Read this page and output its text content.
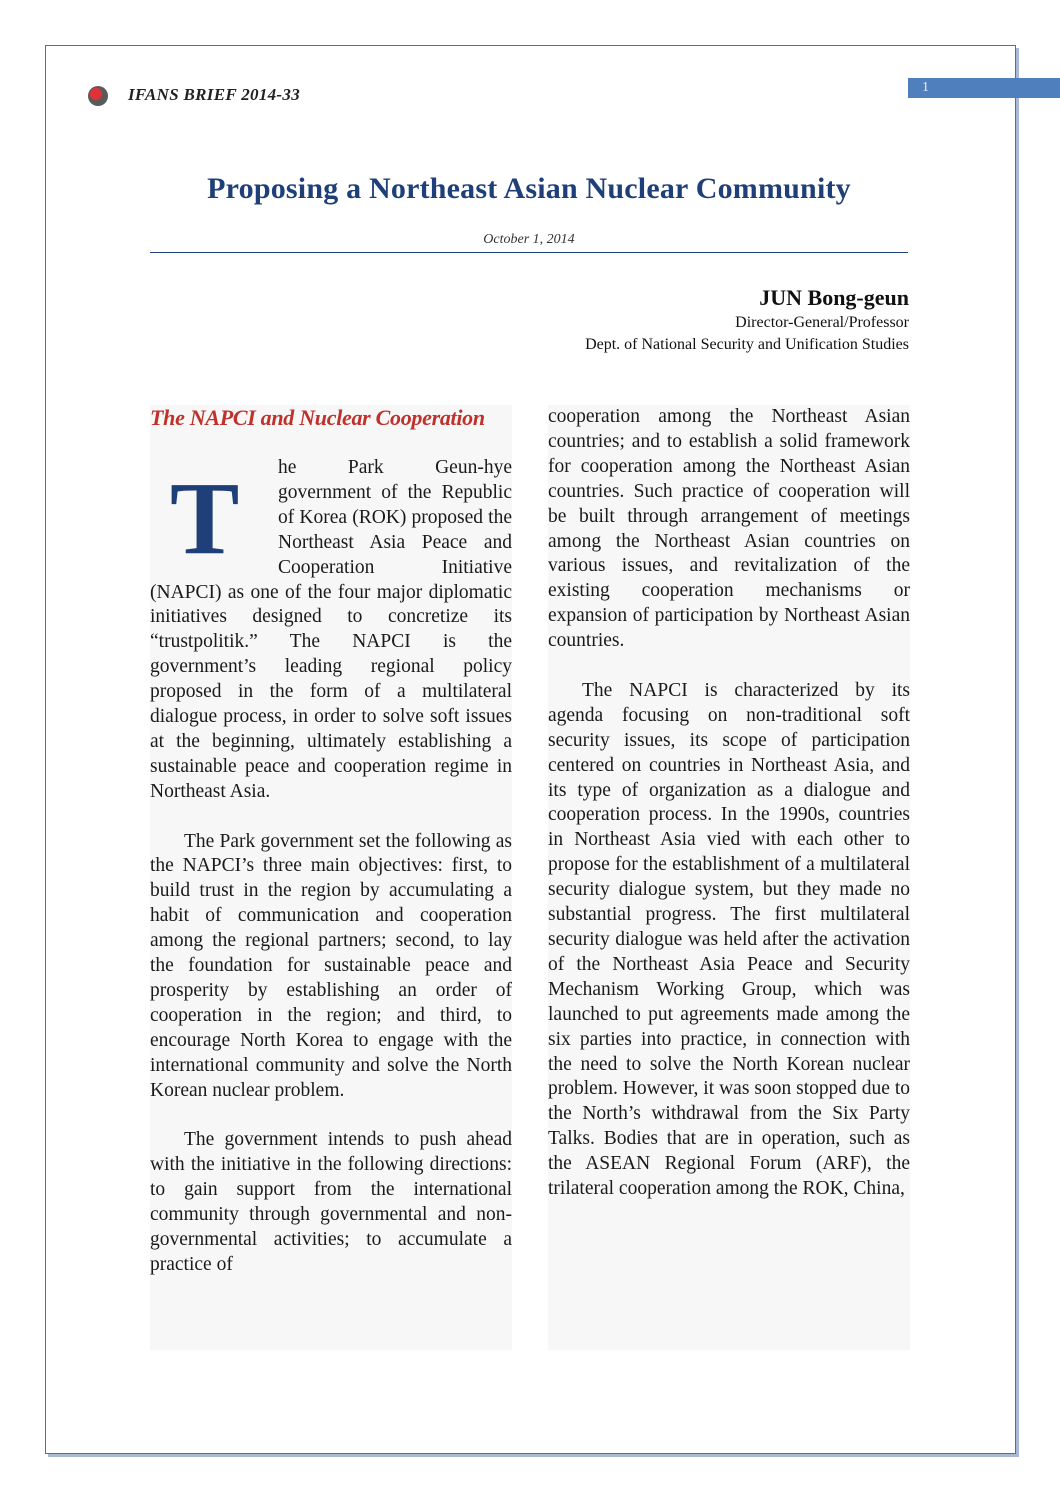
IFANS BRIEF 2014-33	1
Proposing a Northeast Asian Nuclear Community
October 1, 2014
JUN Bong-geun
Director-General/Professor
Dept. of National Security and Unification Studies
The NAPCI and Nuclear Cooperation

T	he Park Geun-hye government of the Republic of Korea (ROK) proposed the Northeast Asia Peace and Cooperation Initiative (NAPCI) as one of the four major diplomatic initiatives designed to concretize its “trustpolitik.” The NAPCI is the government’s leading regional policy proposed in the form of a multilateral dialogue process, in order to solve soft issues at the beginning, ultimately establishing a sustainable peace and cooperation regime in Northeast Asia.

The Park government set the following as the NAPCI’s three main objectives: first, to build trust in the region by accumulating a habit of communication and cooperation among the regional partners; second, to lay the foundation for sustainable peace and prosperity by establishing an order of cooperation in the region; and third, to encourage North Korea to engage with the international community and solve the North Korean nuclear problem.

The government intends to push ahead with the initiative in the following directions: to gain support from the international community through governmental and non-governmental activities; to accumulate a practice of

cooperation among the Northeast Asian countries; and to establish a solid framework for cooperation among the Northeast Asian countries. Such practice of cooperation will be built through arrangement of meetings among the Northeast Asian countries on various issues, and revitalization of the existing cooperation mechanisms or expansion of participation by Northeast Asian countries.

The NAPCI is characterized by its agenda focusing on non-traditional soft security issues, its scope of participation centered on countries in Northeast Asia, and its type of organization as a dialogue and cooperation process. In the 1990s, countries in Northeast Asia vied with each other to propose for the establishment of a multilateral security dialogue system, but they made no substantial progress. The first multilateral security dialogue was held after the activation of the Northeast Asia Peace and Security Mechanism Working Group, which was launched to put agreements made among the six parties into practice, in connection with the need to solve the North Korean nuclear problem. However, it was soon stopped due to the North’s withdrawal from the Six Party Talks. Bodies that are in operation, such as the ASEAN Regional Forum (ARF), the trilateral cooperation among the ROK, China,
